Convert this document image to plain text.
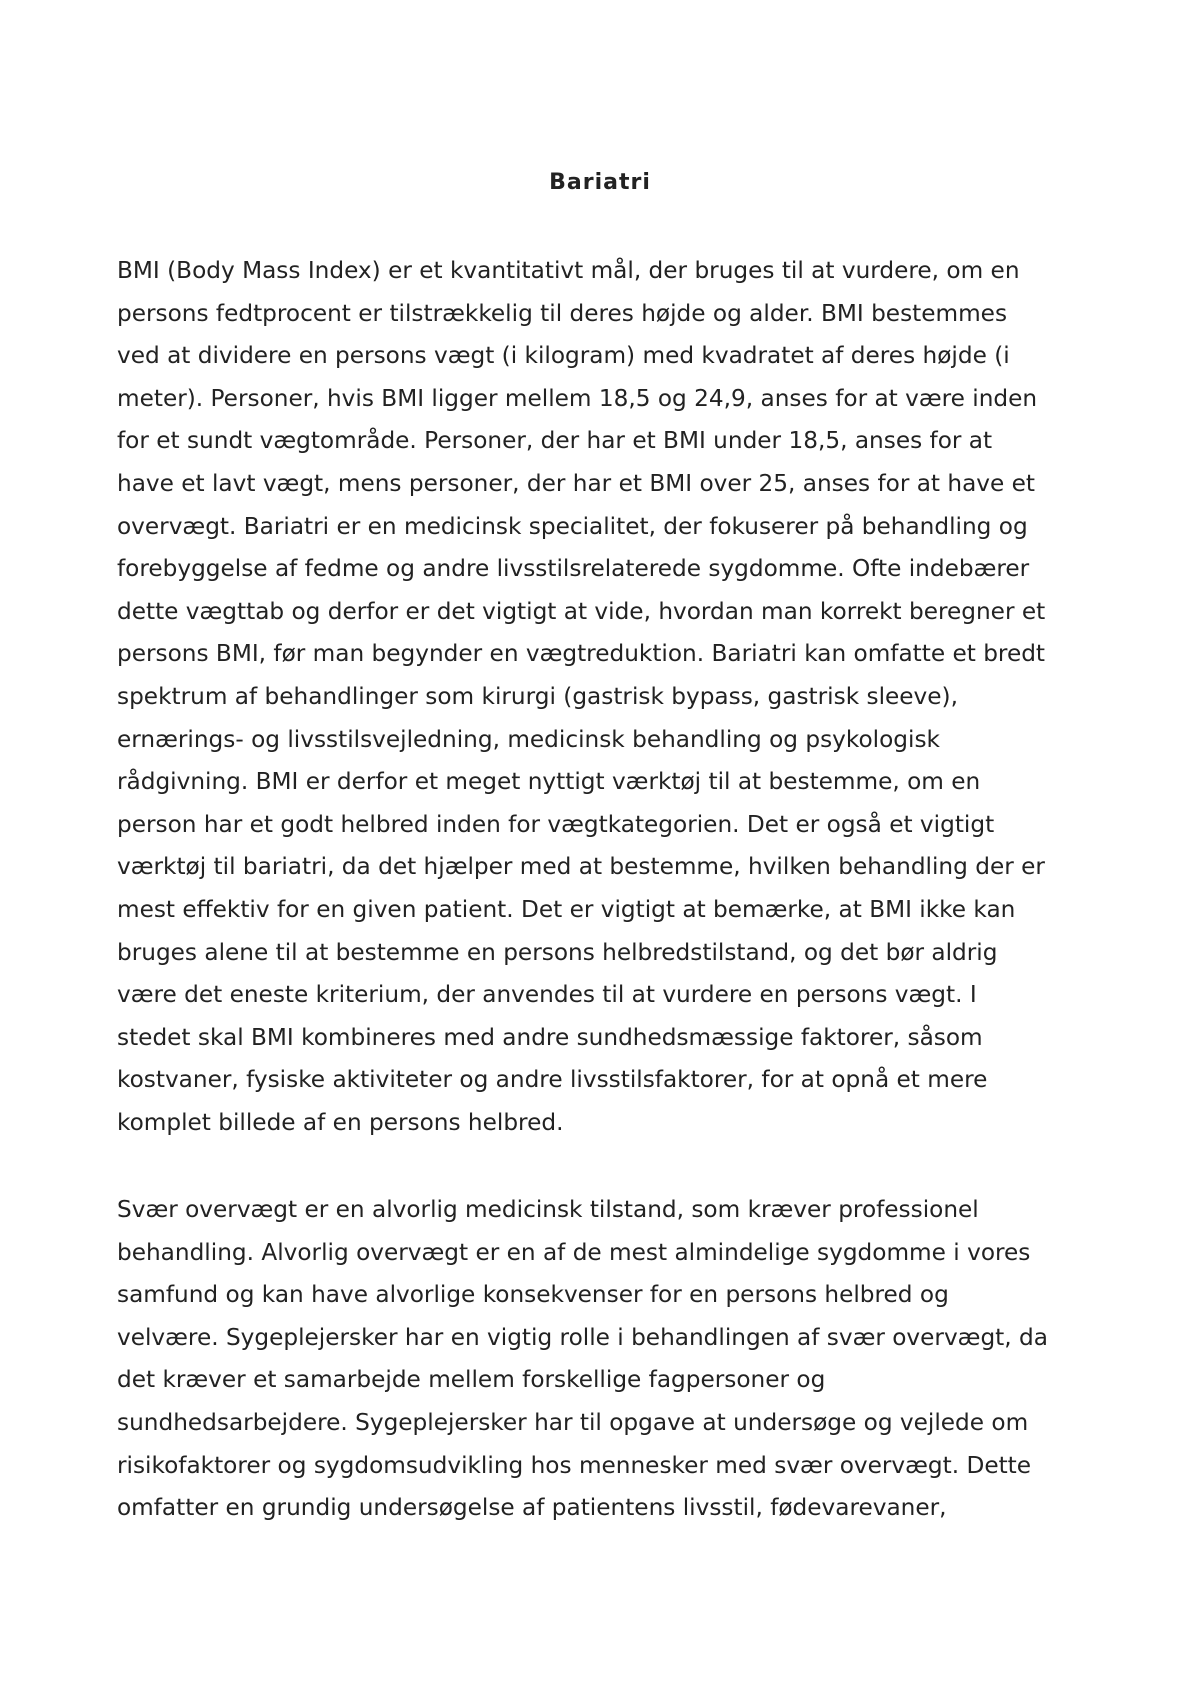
Bariatri
BMI (Body Mass Index) er et kvantitativt mål, der bruges til at vurdere, om en
persons fedtprocent er tilstrækkelig til deres højde og alder. BMI bestemmes
ved at dividere en persons vægt (i kilogram) med kvadratet af deres højde (i
meter). Personer, hvis BMI ligger mellem 18,5 og 24,9, anses for at være inden
for et sundt vægtområde. Personer, der har et BMI under 18,5, anses for at
have et lavt vægt, mens personer, der har et BMI over 25, anses for at have et
overvægt. Bariatri er en medicinsk specialitet, der fokuserer på behandling og
forebyggelse af fedme og andre livsstilsrelaterede sygdomme. Ofte indebærer
dette vægttab og derfor er det vigtigt at vide, hvordan man korrekt beregner et
persons BMI, før man begynder en vægtreduktion. Bariatri kan omfatte et bredt
spektrum af behandlinger som kirurgi (gastrisk bypass, gastrisk sleeve),
ernærings- og livsstilsvejledning, medicinsk behandling og psykologisk
rådgivning. BMI er derfor et meget nyttigt værktøj til at bestemme, om en
person har et godt helbred inden for vægtkategorien. Det er også et vigtigt
værktøj til bariatri, da det hjælper med at bestemme, hvilken behandling der er
mest effektiv for en given patient. Det er vigtigt at bemærke, at BMI ikke kan
bruges alene til at bestemme en persons helbredstilstand, og det bør aldrig
være det eneste kriterium, der anvendes til at vurdere en persons vægt. I
stedet skal BMI kombineres med andre sundhedsmæssige faktorer, såsom
kostvaner, fysiske aktiviteter og andre livsstilsfaktorer, for at opnå et mere
komplet billede af en persons helbred.
Svær overvægt er en alvorlig medicinsk tilstand, som kræver professionel
behandling. Alvorlig overvægt er en af de mest almindelige sygdomme i vores
samfund og kan have alvorlige konsekvenser for en persons helbred og
velvære. Sygeplejersker har en vigtig rolle i behandlingen af svær overvægt, da
det kræver et samarbejde mellem forskellige fagpersoner og
sundhedsarbejdere. Sygeplejersker har til opgave at undersøge og vejlede om
risikofaktorer og sygdomsudvikling hos mennesker med svær overvægt. Dette
omfatter en grundig undersøgelse af patientens livsstil, fødevarevaner,
